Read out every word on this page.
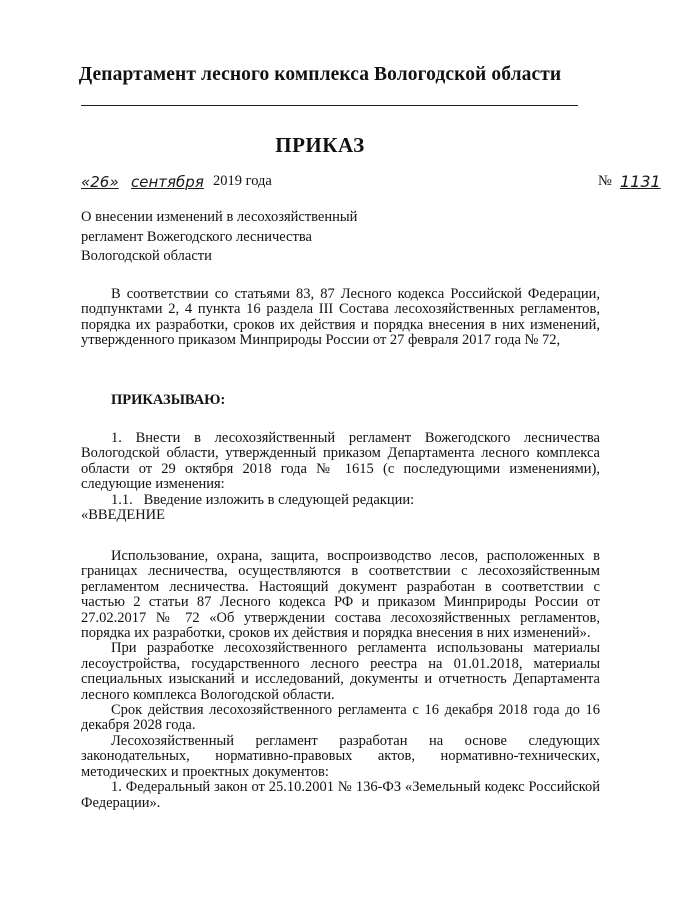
Департамент лесного комплекса Вологодской области
ПРИКАЗ
«26» сентября 2019 года	№ 1131
О внесении изменений в лесохозяйственный
регламент Вожегодского лесничества
Вологодской области

В соответствии со статьями 83, 87 Лесного кодекса Российской Федерации, подпунктами 2, 4 пункта 16 раздела III Состава лесохозяйственных регламентов, порядка их разработки, сроков их действия и порядка внесения в них изменений, утвержденного приказом Минприроды России от 27 февраля 2017 года № 72,

ПРИКАЗЫВАЮ:

1. Внести в лесохозяйственный регламент Вожегодского лесничества Вологодской области, утвержденный приказом Департамента лесного комплекса области от 29 октября 2018 года № 1615 (с последующими изменениями), следующие изменения:

1.1.   Введение изложить в следующей редакции:

«ВВЕДЕНИЕ

Использование, охрана, защита, воспроизводство лесов, расположенных в границах лесничества, осуществляются в соответствии с лесохозяйственным регламентом лесничества. Настоящий документ разработан в соответствии с частью 2 статьи 87 Лесного кодекса РФ и приказом Минприроды России от 27.02.2017 № 72 «Об утверждении состава лесохозяйственных регламентов, порядка их разработки, сроков их действия и порядка внесения в них изменений».

При разработке лесохозяйственного регламента использованы материалы лесоустройства, государственного лесного реестра на 01.01.2018, материалы специальных изысканий и исследований, документы и отчетность Департамента лесного комплекса Вологодской области.

Срок действия лесохозяйственного регламента с 16 декабря 2018 года до 16 декабря 2028 года.

Лесохозяйственный регламент разработан на основе следующих законодательных, нормативно-правовых актов, нормативно-технических, методических и проектных документов:

1. Федеральный закон от 25.10.2001 № 136-ФЗ «Земельный кодекс Российской Федерации».
